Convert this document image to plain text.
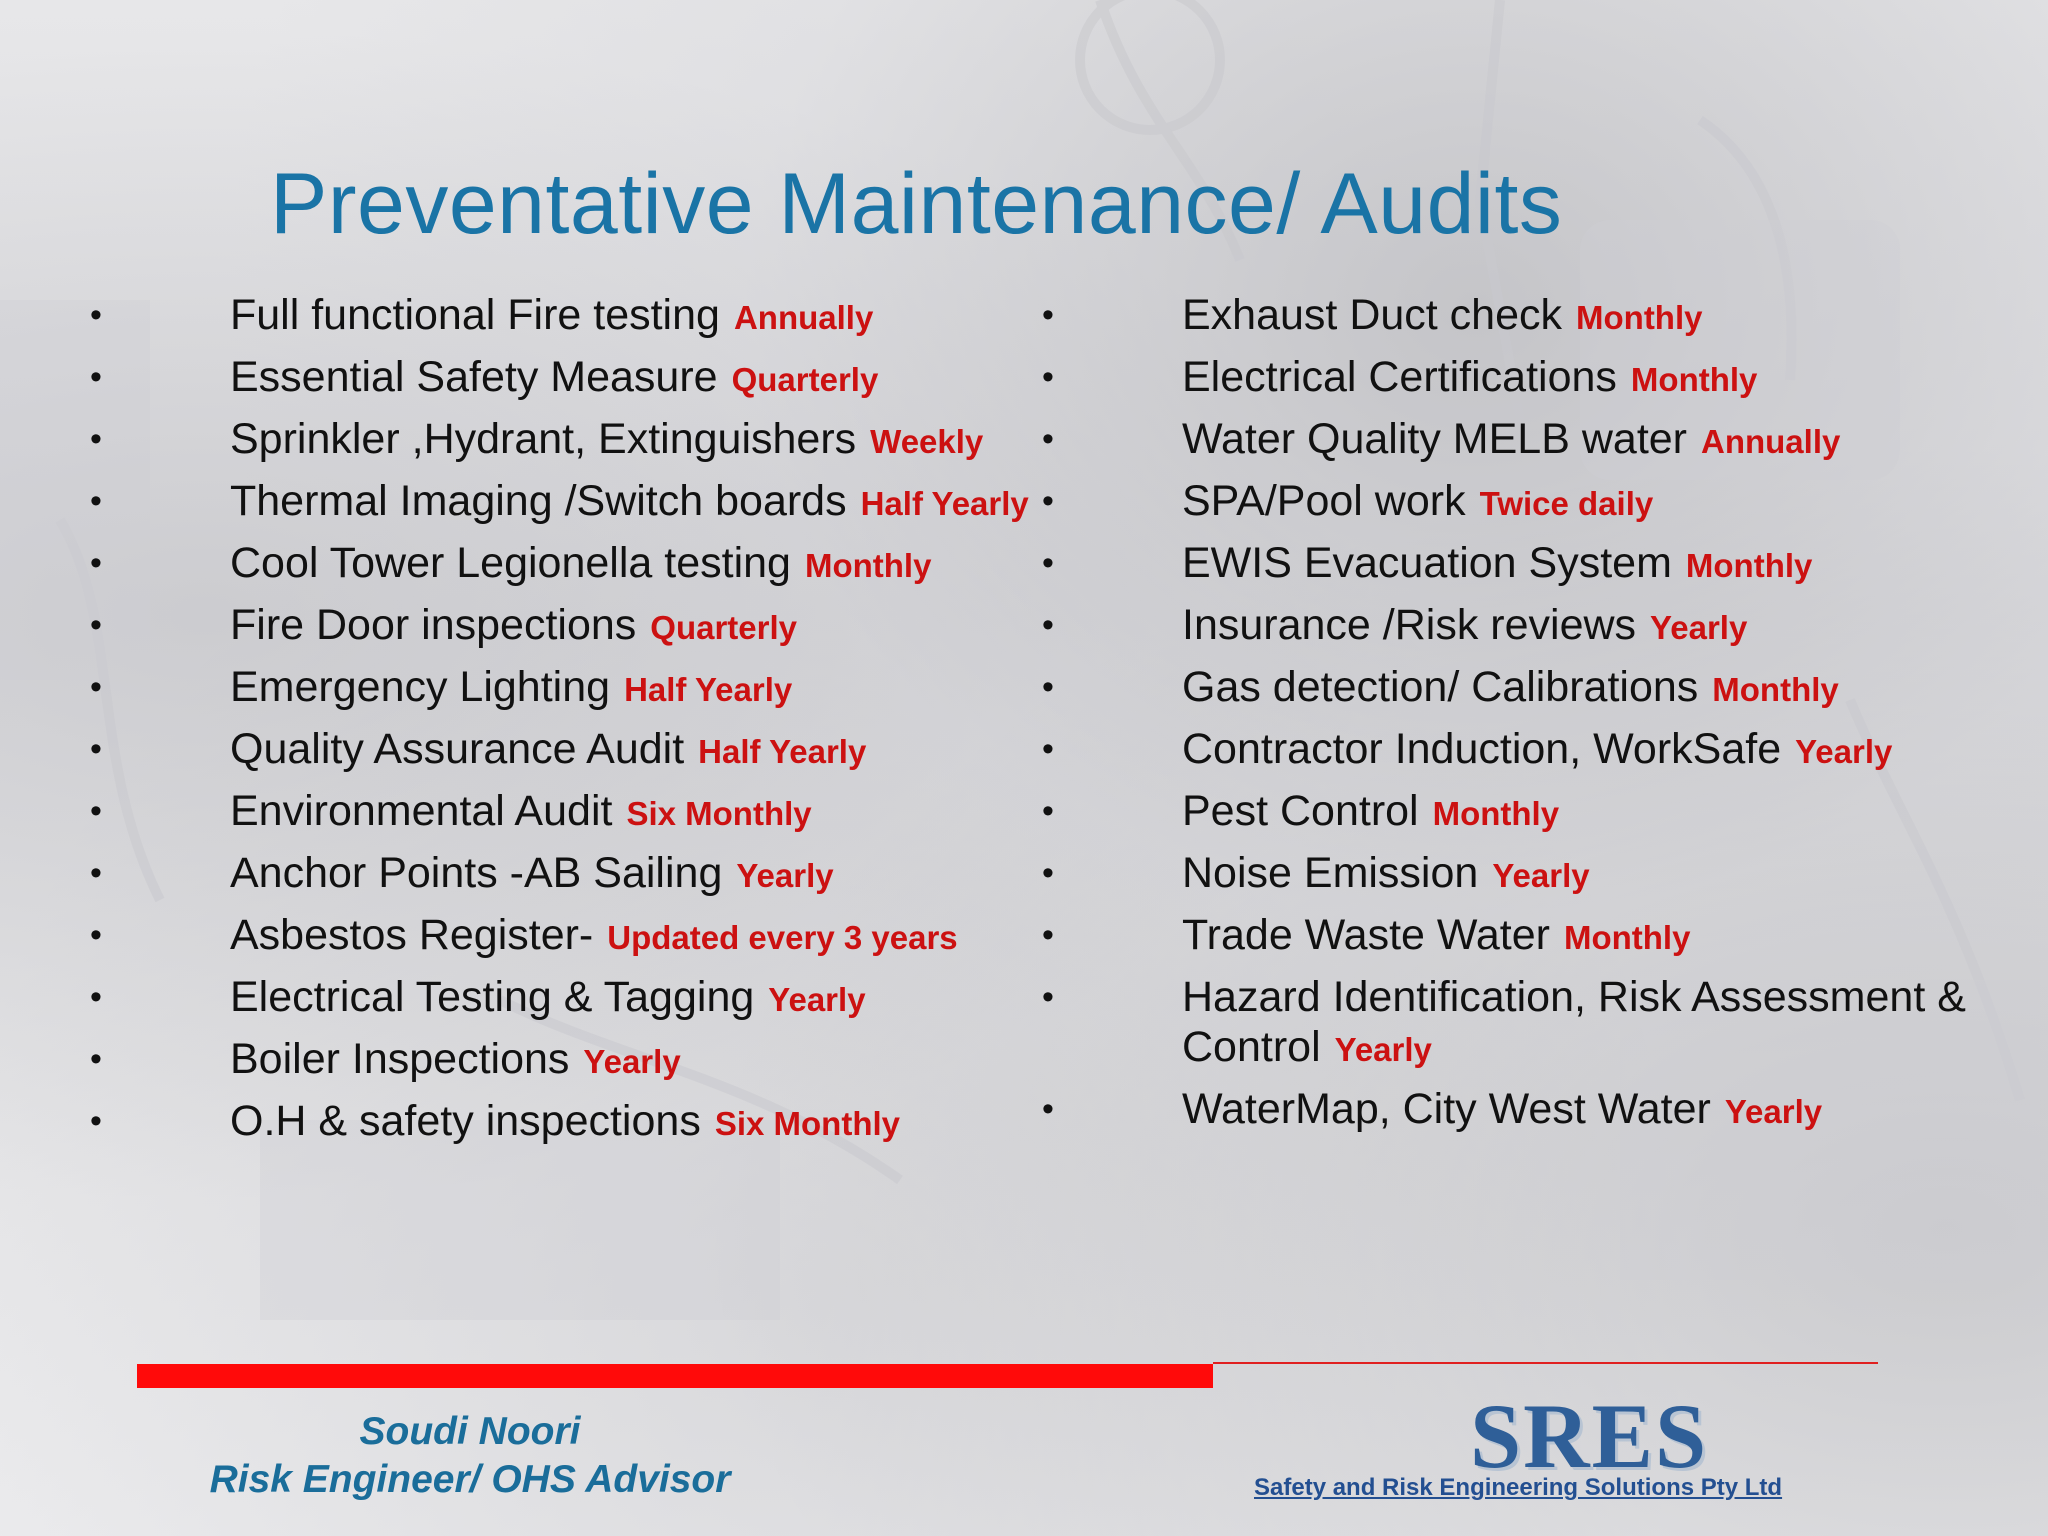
Preventative Maintenance/ Audits
•	Full functional Fire testing Annually
•	Essential Safety Measure Quarterly
•	Sprinkler ,Hydrant, Extinguishers Weekly
•	Thermal Imaging /Switch boards Half Yearly
•	Cool Tower Legionella testing Monthly
•	Fire Door inspections Quarterly
•	Emergency Lighting Half Yearly
•	Quality Assurance Audit Half Yearly
•	Environmental Audit Six Monthly
•	Anchor Points -AB Sailing Yearly
•	Asbestos Register- Updated every 3 years
•	Electrical Testing & Tagging Yearly
•	Boiler Inspections Yearly
•	O.H & safety inspections Six Monthly
•	Exhaust Duct check Monthly
•	Electrical Certifications Monthly
•	Water Quality MELB water Annually
•	SPA/Pool work Twice daily
•	EWIS Evacuation System Monthly
•	Insurance /Risk reviews Yearly
•	Gas detection/ Calibrations Monthly
•	Contractor Induction, WorkSafe Yearly
•	Pest Control Monthly
•	Noise Emission Yearly
•	Trade Waste Water Monthly
•	Hazard Identification, Risk Assessment & Control Yearly
•	WaterMap, City West Water Yearly
Soudi Noori
Risk Engineer/ OHS Advisor	SRES
Safety and Risk Engineering Solutions Pty Ltd
